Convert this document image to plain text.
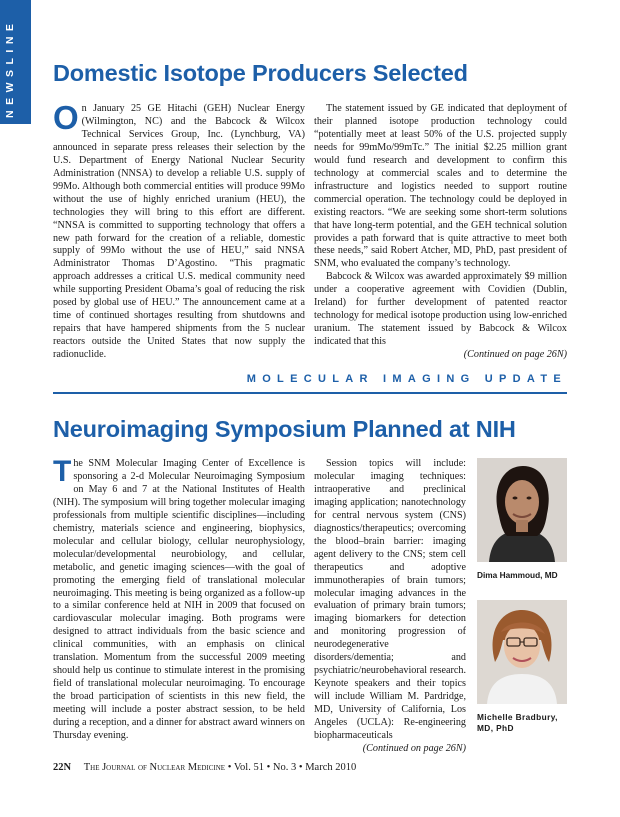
NEWSLINE Domestic Isotope Producers Selected

On January 25 GE Hitachi (GEH) Nuclear Energy (Wilmington, NC) and the Babcock & Wilcox Technical Services Group, Inc. (Lynchburg, VA) announced in separate press releases their selection by the U.S. Department of Energy National Nuclear Security Administration (NNSA) to develop a reliable U.S. supply of 99Mo. Although both commercial entities will produce 99Mo without the use of highly enriched uranium (HEU), the technologies they will bring to this effort are different. “NNSA is committed to supporting technology that offers a new path forward for the creation of a reliable, domestic supply of 99Mo without the use of HEU,” said NNSA Administrator Thomas D’Agostino. “This pragmatic approach addresses a critical U.S. medical community need while supporting President Obama’s goal of reducing the risk posed by global use of HEU.” The announcement came at a time of continued shortages resulting from shutdowns and repairs that have hampered shipments from the 5 nuclear reactors outside the United States that now supply the radionuclide.

The statement issued by GE indicated that deployment of their planned isotope production technology could “potentially meet at least 50% of the U.S. projected supply needs for 99mMo/99mTc.” The initial $2.25 million grant would fund research and development to confirm this technology at commercial scales and to determine the infrastructure and logistics needed to support routine commercial operation. The technology could be deployed in existing reactors. “We are seeking some short-term solutions that have long-term potential, and the GEH technical solution provides a path forward that is quite attractive to meet both these needs,” said Robert Atcher, MD, PhD, past president of SNM, who evaluated the company’s technology.

Babcock & Wilcox was awarded approximately $9 million under a cooperative agreement with Covidien (Dublin, Ireland) for further development of patented reactor technology for medical isotope production using low-enriched uranium. The statement issued by Babcock & Wilcox indicated that this

(Continued on page 26N)

MOLECULAR IMAGING UPDATE
Neuroimaging Symposium Planned at NIH

The SNM Molecular Imaging Center of Excellence is sponsoring a 2-d Molecular Neuroimaging Symposium on May 6 and 7 at the National Institutes of Health (NIH). The symposium will bring together molecular imaging professionals from multiple scientific disciplines—including chemistry, materials science and engineering, biophysics, molecular and cellular biology, cellular neurophysiology, molecular/developmental neurobiology, and cellular, metabolic, and genetic imaging sciences—with the goal of promoting the emerging field of translational molecular neuroimaging. This meeting is being organized as a follow-up to a similar conference held at NIH in 2009 that focused on cardiovascular molecular imaging. Both programs were designed to attract individuals from the basic science and clinical communities, with an emphasis on clinical translation. Momentum from the successful 2009 meeting should help us continue to stimulate interest in the promising field of translational molecular neuroimaging. To encourage the broad participation of scientists in this new field, the meeting will include a poster abstract session, to be held during a reception, and a dinner for abstract award winners on Thursday evening.

Session topics will include: molecular imaging techniques: intraoperative and preclinical imaging application; nanotechnology for central nervous system (CNS) diagnostics/therapeutics; overcoming the blood–brain barrier: imaging agent delivery to the CNS; stem cell therapeutics and adoptive immunotherapies of brain tumors; molecular imaging advances in the evaluation of primary brain tumors; imaging biomarkers for detection and monitoring progression of neurodegenerative disorders/dementia; and psychiatric/neurobehavioral research. Keynote speakers and their topics will include William M. Pardridge, MD, University of California, Los Angeles (UCLA): Re-engineering biopharmaceuticals

(Continued on page 26N)

Dima Hammoud, MD
Michelle Bradbury,
MD, PhD
22N The Journal of Nuclear Medicine • Vol. 51 • No. 3 • March 2010
